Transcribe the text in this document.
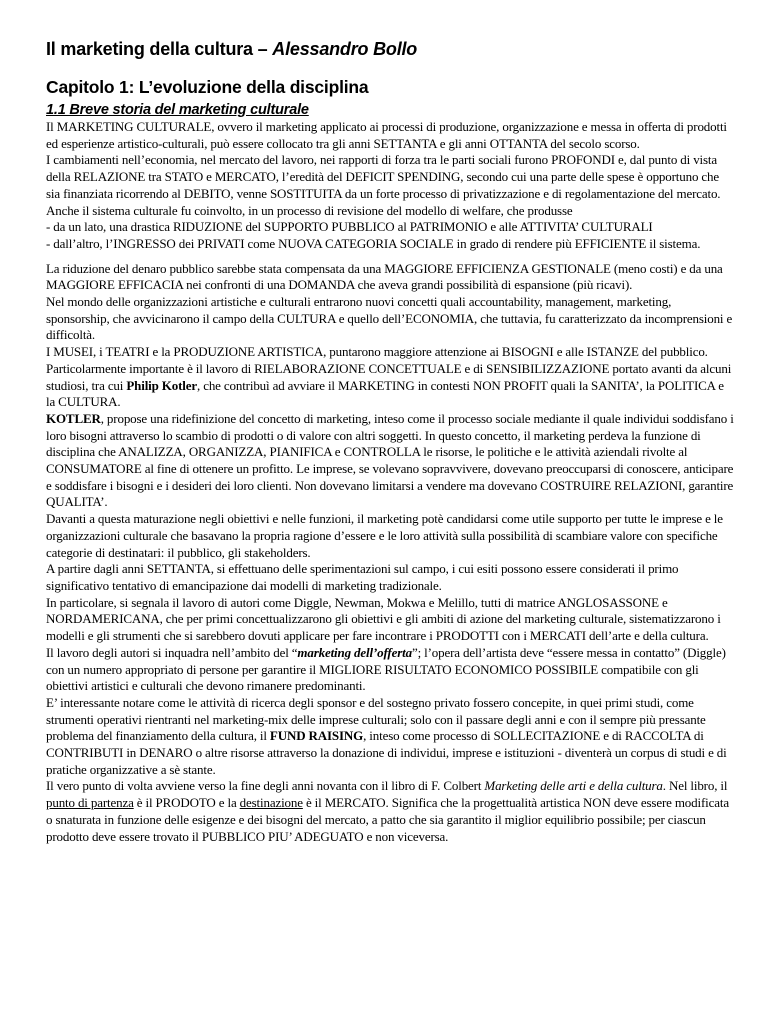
Il marketing della cultura – Alessandro Bollo
Capitolo 1: L’evoluzione della disciplina
1.1 Breve storia del marketing culturale

Il MARKETING CULTURALE, ovvero il marketing applicato ai processi di produzione, organizzazione e messa in offerta di prodotti ed esperienze artistico-culturali, può essere collocato tra gli anni SETTANTA e gli anni OTTANTA del secolo scorso.

I cambiamenti nell’economia, nel mercato del lavoro, nei rapporti di forza tra le parti sociali furono PROFONDI e, dal punto di vista della RELAZIONE tra STATO e MERCATO, l’eredità del DEFICIT SPENDING, secondo cui una parte delle spese è opportuno che sia finanziata ricorrendo al DEBITO, venne SOSTITUITA da un forte processo di privatizzazione e di regolamentazione del mercato.

Anche il sistema culturale fu coinvolto, in un processo di revisione del modello di welfare, che produsse

- da un lato, una drastica RIDUZIONE del SUPPORTO PUBBLICO al PATRIMONIO e alle ATTIVITA’ CULTURALI

- dall’altro, l’INGRESSO dei PRIVATI come NUOVA CATEGORIA SOCIALE in grado di rendere più EFFICIENTE il sistema.

La riduzione del denaro pubblico sarebbe stata compensata da una MAGGIORE EFFICIENZA GESTIONALE (meno costi) e da una MAGGIORE EFFICACIA nei confronti di una DOMANDA che aveva grandi possibilità di espansione (più ricavi).

Nel mondo delle organizzazioni artistiche e culturali entrarono nuovi concetti quali accountability, management, marketing, sponsorship, che avvicinarono il campo della CULTURA e quello dell’ECONOMIA, che tuttavia, fu caratterizzato da incomprensioni e difficoltà.

I MUSEI, i TEATRI e la PRODUZIONE ARTISTICA, puntarono maggiore attenzione ai BISOGNI e alle ISTANZE del pubblico. Particolarmente importante è il lavoro di RIELABORAZIONE CONCETTUALE e di SENSIBILIZZAZIONE portato avanti da alcuni studiosi, tra cui Philip Kotler, che contribuì ad avviare il MARKETING in contesti NON PROFIT quali la SANITA’, la POLITICA e la CULTURA.

KOTLER, propose una ridefinizione del concetto di marketing, inteso come il processo sociale mediante il quale individui soddisfano i loro bisogni attraverso lo scambio di prodotti o di valore con altri soggetti. In questo concetto, il marketing perdeva la funzione di disciplina che ANALIZZA, ORGANIZZA, PIANIFICA e CONTROLLA le risorse, le politiche e le attività aziendali rivolte al CONSUMATORE al fine di ottenere un profitto. Le imprese, se volevano sopravvivere, dovevano preoccuparsi di conoscere, anticipare e soddisfare i bisogni e i desideri dei loro clienti. Non dovevano limitarsi a vendere ma dovevano COSTRUIRE RELAZIONI, garantire QUALITA’.

Davanti a questa maturazione negli obiettivi e nelle funzioni, il marketing potè candidarsi come utile supporto per tutte le imprese e le organizzazioni culturale che basavano la propria ragione d’essere e le loro attività sulla possibilità di scambiare valore con specifiche categorie di destinatari: il pubblico, gli stakeholders.

A partire dagli anni SETTANTA, si effettuano delle sperimentazioni sul campo, i cui esiti possono essere considerati il primo significativo tentativo di emancipazione dai modelli di marketing tradizionale.

In particolare, si segnala il lavoro di autori come Diggle, Newman, Mokwa e Melillo, tutti di matrice ANGLOSASSONE e NORDAMERICANA, che per primi concettualizzarono gli obiettivi e gli ambiti di azione del marketing culturale, sistematizzarono i modelli e gli strumenti che si sarebbero dovuti applicare per fare incontrare i PRODOTTI con i MERCATI dell’arte e della cultura.

Il lavoro degli autori si inquadra nell’ambito del “marketing dell’offerta”; l’opera dell’artista deve “essere messa in contatto” (Diggle) con un numero appropriato di persone per garantire il MIGLIORE RISULTATO ECONOMICO POSSIBILE compatibile con gli obiettivi artistici e culturali che devono rimanere predominanti.

E’ interessante notare come le attività di ricerca degli sponsor e del sostegno privato fossero concepite, in quei primi studi, come strumenti operativi rientranti nel marketing-mix delle imprese culturali; solo con il passare degli anni e con il sempre più pressante problema del finanziamento della cultura, il FUND RAISING, inteso come processo di SOLLECITAZIONE e di RACCOLTA di CONTRIBUTI in DENARO o altre risorse attraverso la donazione di individui, imprese e istituzioni - diventerà un corpus di studi e di pratiche organizzative a sè stante.

Il vero punto di volta avviene verso la fine degli anni novanta con il libro di F. Colbert Marketing delle arti e della cultura. Nel libro, il punto di partenza è il PRODOTO e la destinazione è il MERCATO. Significa che la progettualità artistica NON deve essere modificata o snaturata in funzione delle esigenze e dei bisogni del mercato, a patto che sia garantito il miglior equilibrio possibile; per ciascun prodotto deve essere trovato il PUBBLICO PIU’ ADEGUATO e non viceversa.
